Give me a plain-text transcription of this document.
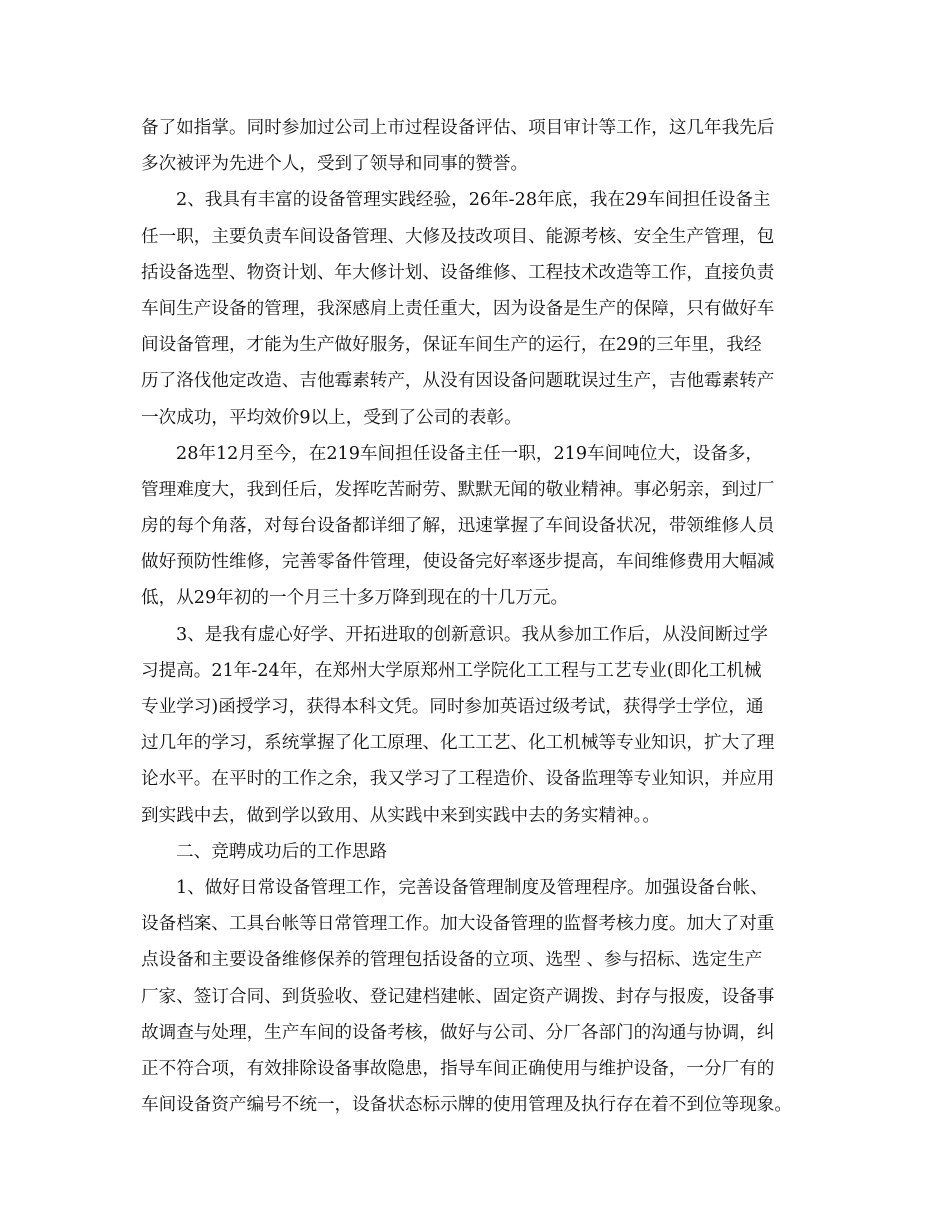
备了如指掌。同时参加过公司上市过程设备评估、项目审计等工作，这几年我先后
多次被评为先进个人，受到了领导和同事的赞誉。
2、我具有丰富的设备管理实践经验，26年-28年底，我在29车间担任设备主
任一职，主要负责车间设备管理、大修及技改项目、能源考核、安全生产管理，包
括设备选型、物资计划、年大修计划、设备维修、工程技术改造等工作，直接负责
车间生产设备的管理，我深感肩上责任重大，因为设备是生产的保障，只有做好车
间设备管理，才能为生产做好服务，保证车间生产的运行，在29的三年里，我经
历了洛伐他定改造、吉他霉素转产，从没有因设备问题耽误过生产，吉他霉素转产
一次成功，平均效价9以上，受到了公司的表彰。
28年12月至今，在219车间担任设备主任一职，219车间吨位大，设备多，
管理难度大，我到任后，发挥吃苦耐劳、默默无闻的敬业精神。事必躬亲，到过厂
房的每个角落，对每台设备都详细了解，迅速掌握了车间设备状况，带领维修人员
做好预防性维修，完善零备件管理，使设备完好率逐步提高，车间维修费用大幅减
低，从29年初的一个月三十多万降到现在的十几万元。
3、是我有虚心好学、开拓进取的创新意识。我从参加工作后，从没间断过学
习提高。21年-24年，在郑州大学原郑州工学院化工工程与工艺专业(即化工机械
专业学习)函授学习，获得本科文凭。同时参加英语过级考试，获得学士学位，通
过几年的学习，系统掌握了化工原理、化工工艺、化工机械等专业知识，扩大了理
论水平。在平时的工作之余，我又学习了工程造价、设备监理等专业知识，并应用
到实践中去，做到学以致用、从实践中来到实践中去的务实精神。。
二、竞聘成功后的工作思路
1、做好日常设备管理工作，完善设备管理制度及管理程序。加强设备台帐、
设备档案、工具台帐等日常管理工作。加大设备管理的监督考核力度。加大了对重
点设备和主要设备维修保养的管理包括设备的立项、选型 、参与招标、选定生产
厂家、签订合同、到货验收、登记建档建帐、固定资产调拨、封存与报废，设备事
故调查与处理，生产车间的设备考核，做好与公司、分厂各部门的沟通与协调，纠
正不符合项，有效排除设备事故隐患，指导车间正确使用与维护设备，一分厂有的
车间设备资产编号不统一，设备状态标示牌的使用管理及执行存在着不到位等现象。
